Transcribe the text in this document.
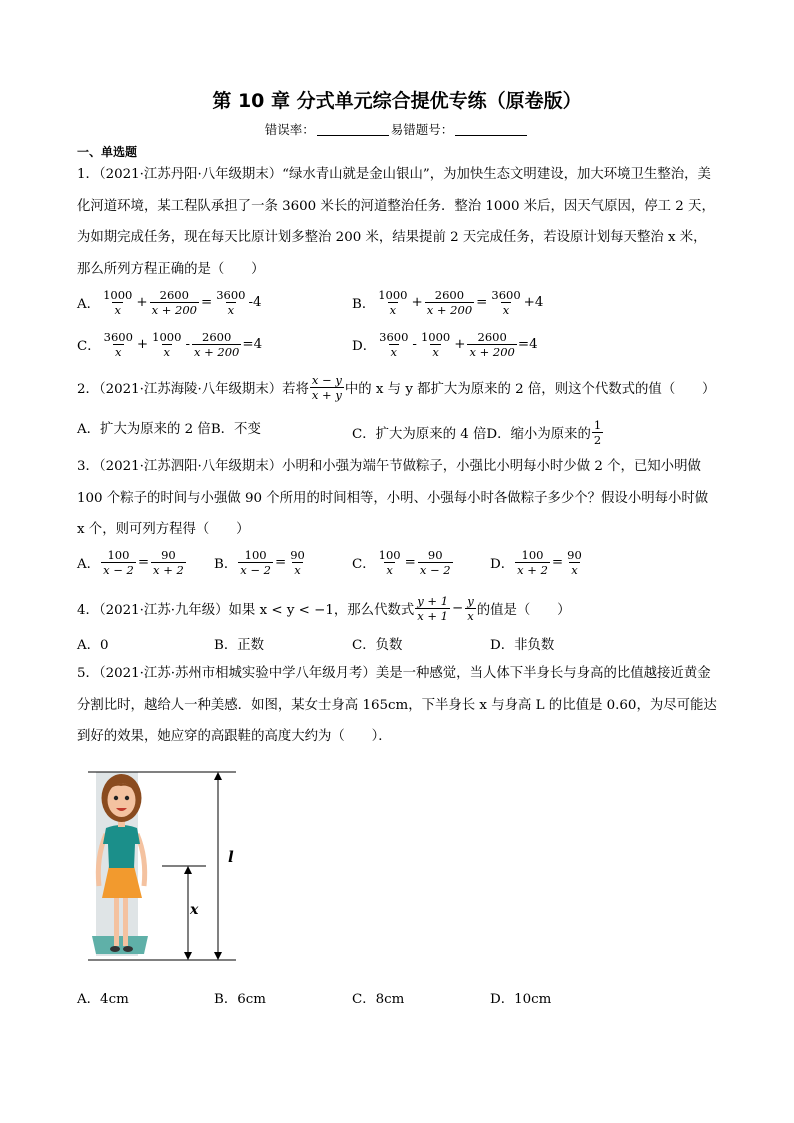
第 10 章 分式单元综合提优专练（原卷版）
错误率：	易错题号：
一、单选题
1．（2021·江苏丹阳·八年级期末）“绿水青山就是金山银山”，为加快生态文明建设，加大环境卫生整治，美化河道环境，某工程队承担了一条 3600 米长的河道整治任务．整治 1000 米后，因天气原因，停工 2 天，为如期完成任务，现在每天比原计划多整治 200 米，结果提前 2 天完成任务，若设原计划每天整治 x 米，那么所列方程正确的是（　　）
A． $\frac{1000}{x} + \frac{2600}{x + 200} = \frac{3600}{x} -4$	B． $\frac{1000}{x} + \frac{2600}{x + 200} = \frac{3600}{x} +4$
C． $\frac{3600}{x} + \frac{1000}{x} - \frac{2600}{x + 200} =4$	D． $\frac{3600}{x} - \frac{1000}{x} + \frac{2600}{x + 200} =4$
2．（2021·江苏海陵·八年级期末）若将 $\frac{x - y}{x + y}$ 中的 x 与 y 都扩大为原来的 2 倍，则这个代数式的值（　　）
A．扩大为原来的 2 倍 B．不变	C．扩大为原来的 4 倍 D．缩小为原来的 $\frac{1}{2}$
3．（2021·江苏泗阳·八年级期末）小明和小强为端午节做粽子，小强比小明每小时少做 2 个，已知小明做 100 个粽子的时间与小强做 90 个所用的时间相等，小明、小强每小时各做粽子多少个？假设小明每小时做 x 个，则可列方程得（　　）
A． $\frac{100}{x - 2} = \frac{90}{x + 2}$ B． $\frac{100}{x - 2} = \frac{90}{x}$	C． $\frac{100}{x} = \frac{90}{x - 2}$	D． $\frac{100}{x + 2} = \frac{90}{x}$
4．（2021·江苏·九年级）如果 x < y < −1，那么代数式 $\frac{y + 1}{x + 1} - \frac{y}{x}$ 的值是（　　）
A．0	B．正数	C．负数	D．非负数
5．（2021·江苏·苏州市相城实验中学八年级月考）美是一种感觉，当人体下半身长与身高的比值越接近黄金分割比时，越给人一种美感．如图，某女士身高 165cm，下半身长 x 与身高 L 的比值是 0.60，为尽可能达到好的效果，她应穿的高跟鞋的高度大约为（　　）．
l
x
A．4cm	B．6cm	C．8cm	D．10cm
